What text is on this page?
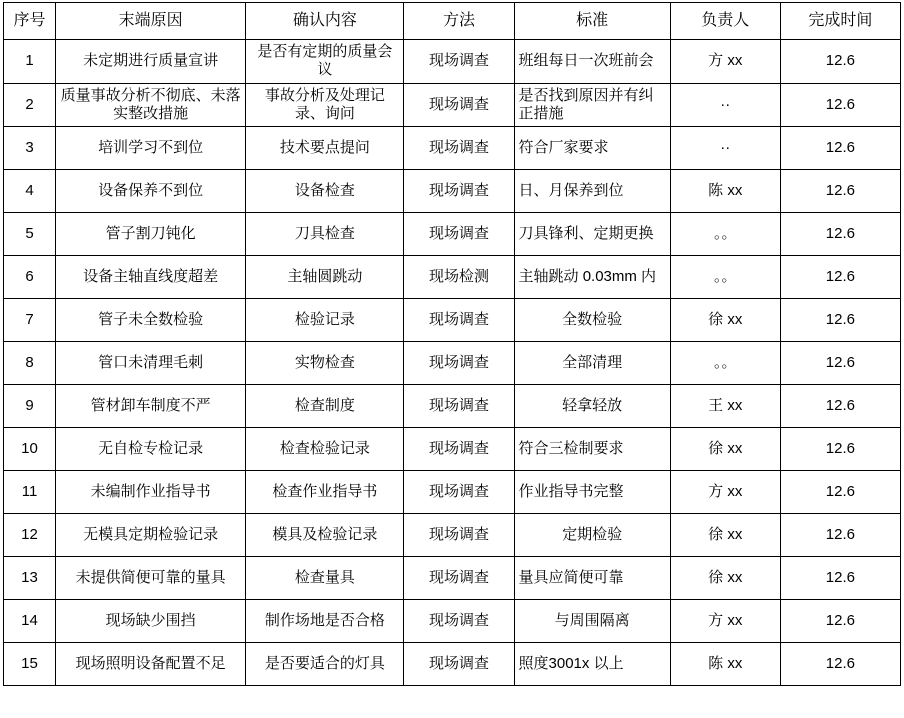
序号	末端原因	确认内容	方法	标准	负责人	完成时间
1	未定期进行质量宣讲	是否有定期的质量会议	现场调查	班组每日一次班前会	方 xx	12.6
2	质量事故分析不彻底、未落实整改措施	事故分析及处理记录、询问	现场调查	是否找到原因并有纠正措施	··	12.6
3	培训学习不到位	技术要点提问	现场调查	符合厂家要求	··	12.6
4	设备保养不到位	设备检查	现场调查	日、月保养到位	陈 xx	12.6
5	管子割刀钝化	刀具检查	现场调查	刀具锋利、定期更换	。。	12.6
6	设备主轴直线度超差	主轴圆跳动	现场检测	主轴跳动 0.03mm 内	。。	12.6
7	管子未全数检验	检验记录	现场调查	全数检验	徐 xx	12.6
8	管口未清理毛刺	实物检查	现场调查	全部清理	。。	12.6
9	管材卸车制度不严	检查制度	现场调查	轻拿轻放	王 xx	12.6
10	无自检专检记录	检查检验记录	现场调查	符合三检制要求	徐 xx	12.6
11	未编制作业指导书	检查作业指导书	现场调查	作业指导书完整	方 xx	12.6
12	无模具定期检验记录	模具及检验记录	现场调查	定期检验	徐 xx	12.6
13	未提供简便可靠的量具	检查量具	现场调查	量具应简便可靠	徐 xx	12.6
14	现场缺少围挡	制作场地是否合格	现场调查	与周围隔离	方 xx	12.6
15	现场照明设备配置不足	是否要适合的灯具	现场调查	照度3001x 以上	陈 xx	12.6
